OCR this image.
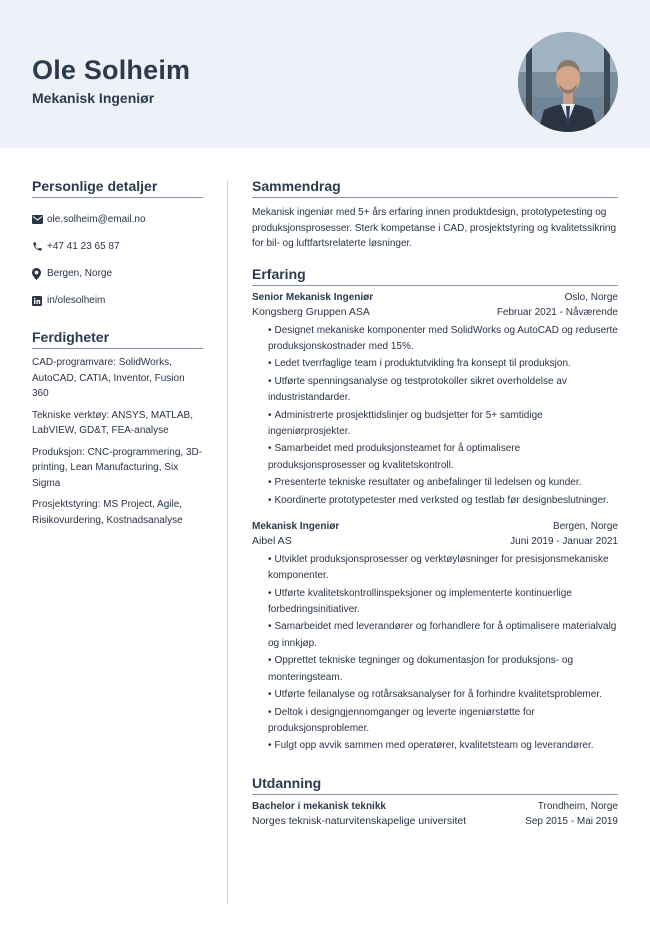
Ole Solheim
Mekanisk Ingeniør
Personlige detaljer
ole.solheim@email.no
+47 41 23 65 87
Bergen, Norge
in/olesolheim
Ferdigheter
CAD-programvare: SolidWorks, AutoCAD, CATIA, Inventor, Fusion 360
Tekniske verktøy: ANSYS, MATLAB, LabVIEW, GD&T, FEA-analyse
Produksjon: CNC-programmering, 3D-printing, Lean Manufacturing, Six Sigma
Prosjektstyring: MS Project, Agile, Risikovurdering, Kostnadsanalyse
Sammendrag
Mekanisk ingeniør med 5+ års erfaring innen produktdesign, prototypetesting og produksjonsprosesser. Sterk kompetanse i CAD, prosjektstyring og kvalitetssikring for bil- og luftfartsrelaterte løsninger.
Erfaring
Senior Mekanisk Ingeniør	Oslo, Norge
Kongsberg Gruppen ASA	Februar 2021 - Nåværende
• Designet mekaniske komponenter med SolidWorks og AutoCAD og reduserte produksjonskostnader med 15%.
• Ledet tverrfaglige team i produktutvikling fra konsept til produksjon.
• Utførte spenningsanalyse og testprotokoller sikret overholdelse av industristandarder.
• Administrerte prosjekttidslinjer og budsjetter for 5+ samtidige ingeniørprosjekter.
• Samarbeidet med produksjonsteamet for å optimalisere produksjonsprosesser og kvalitetskontroll.
• Presenterte tekniske resultater og anbefalinger til ledelsen og kunder.
• Koordinerte prototypetester med verksted og testlab før designbeslutninger.
Mekanisk Ingeniør	Bergen, Norge
Aibel AS	Juni 2019 - Januar 2021
• Utviklet produksjonsprosesser og verktøyløsninger for presisjonsmekaniske komponenter.
• Utførte kvalitetskontrollinspeksjoner og implementerte kontinuerlige forbedringsinitiativer.
• Samarbeidet med leverandører og forhandlere for å optimalisere materialvalg og innkjøp.
• Opprettet tekniske tegninger og dokumentasjon for produksjons- og monteringsteam.
• Utførte feilanalyse og rotårsaksanalyser for å forhindre kvalitetsproblemer.
• Deltok i designgjennomganger og leverte ingeniørstøtte for produksjonsproblemer.
• Fulgt opp avvik sammen med operatører, kvalitetsteam og leverandører.
Utdanning
Bachelor i mekanisk teknikk	Trondheim, Norge
Norges teknisk-naturvitenskapelige universitet	Sep 2015 - Mai 2019
